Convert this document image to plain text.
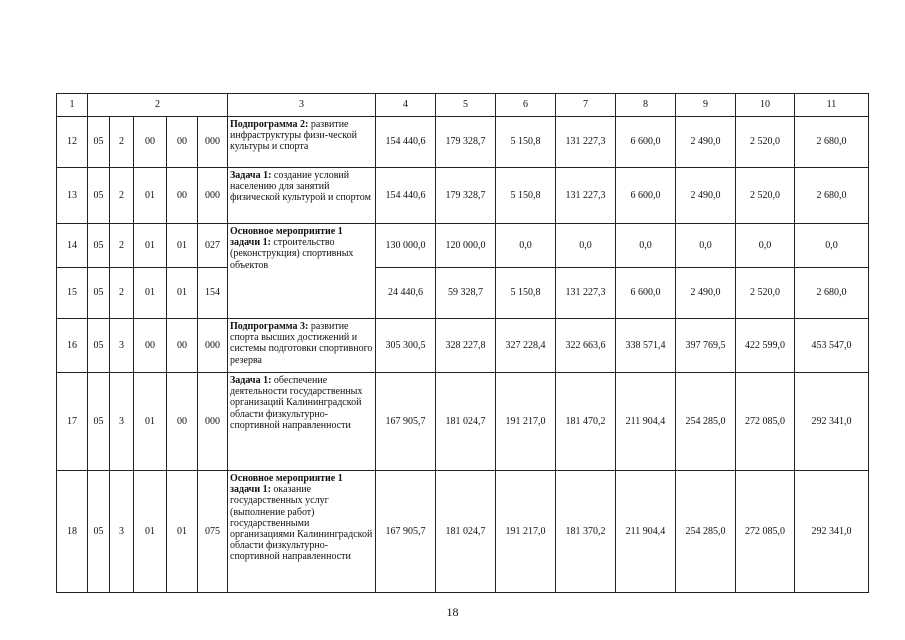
1	2					3	4	5	6	7	8	9	10	11
12	05	2	00	00	000	Подпрограмма 2: развитие инфраструктуры физи-ческой культуры и спорта	154 440,6	179 328,7	5 150,8	131 227,3	6 600,0	2 490,0	2 520,0	2 680,0
13	05	2	01	00	000	Задача 1: создание условий населению для занятий физической культурой и спортом	154 440,6	179 328,7	5 150,8	131 227,3	6 600,0	2 490,0	2 520,0	2 680,0
14	05	2	01	01	027	Основное мероприятие 1 задачи 1: строительство (реконструкция) спортивных объектов	130 000,0	120 000,0	0,0	0,0	0,0	0,0	0,0	0,0
15	05	2	01	01	154		24 440,6	59 328,7	5 150,8	131 227,3	6 600,0	2 490,0	2 520,0	2 680,0
16	05	3	00	00	000	Подпрограмма 3: развитие спорта высших достижений и системы подготовки спортивного резерва	305 300,5	328 227,8	327 228,4	322 663,6	338 571,4	397 769,5	422 599,0	453 547,0
17	05	3	01	00	000	Задача 1: обеспечение деятельности государственных организаций Калининградской области физкультурно-спортивной направленности	167 905,7	181 024,7	191 217,0	181 470,2	211 904,4	254 285,0	272 085,0	292 341,0
18	05	3	01	01	075	Основное мероприятие 1 задачи 1: оказание государственных услуг (выполнение работ) государственными организациями Калининградской области физкультурно-спортивной направленности	167 905,7	181 024,7	191 217,0	181 370,2	211 904,4	254 285,0	272 085,0	292 341,0
18
